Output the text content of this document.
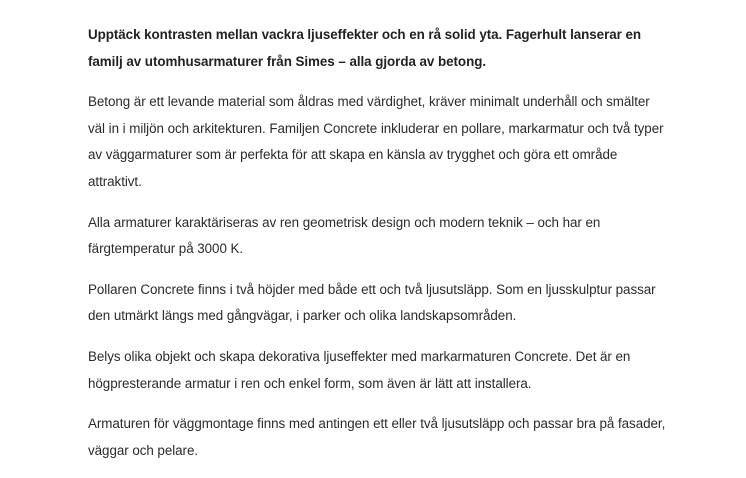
Upptäck kontrasten mellan vackra ljuseffekter och en rå solid yta. Fagerhult lanserar en familj av utomhusarmaturer från Simes – alla gjorda av betong.

Betong är ett levande material som åldras med värdighet, kräver minimalt underhåll och smälter väl in i miljön och arkitekturen. Familjen Concrete inkluderar en pollare, markarmatur och två typer av väggarmaturer som är perfekta för att skapa en känsla av trygghet och göra ett område attraktivt.

Alla armaturer karaktäriseras av ren geometrisk design och modern teknik – och har en färgtemperatur på 3000 K.

Pollaren Concrete finns i två höjder med både ett och två ljusutsläpp. Som en ljusskulptur passar den utmärkt längs med gångvägar, i parker och olika landskapsområden.

Belys olika objekt och skapa dekorativa ljuseffekter med markarmaturen Concrete. Det är en högpresterande armatur i ren och enkel form, som även är lätt att installera.

Armaturen för väggmontage finns med antingen ett eller två ljusutsläpp och passar bra på fasader, väggar och pelare.
